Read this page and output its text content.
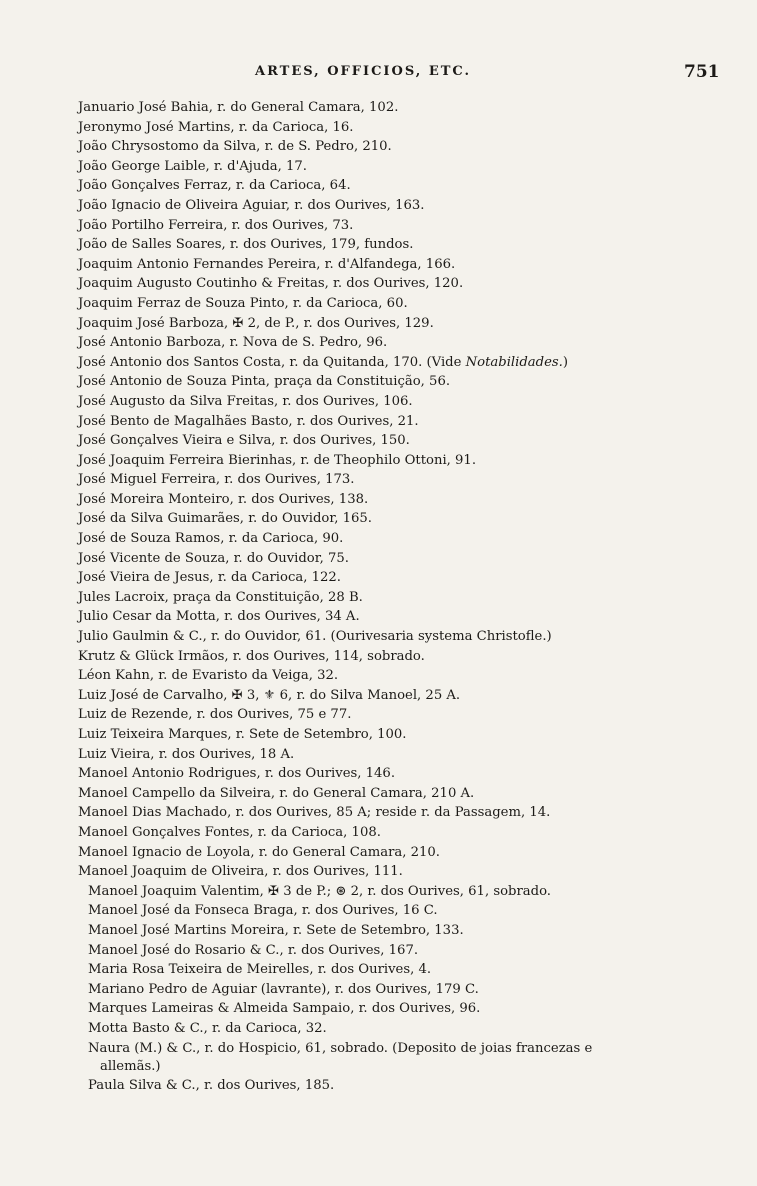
ARTES, OFFICIOS, ETC.	751
Januario José Bahia, r. do General Camara, 102.
Jeronymo José Martins, r. da Carioca, 16.
João Chrysostomo da Silva, r. de S. Pedro, 210.
João George Laible, r. d'Ajuda, 17.
João Gonçalves Ferraz, r. da Carioca, 64.
João Ignacio de Oliveira Aguiar, r. dos Ourives, 163.
João Portilho Ferreira, r. dos Ourives, 73.
João de Salles Soares, r. dos Ourives, 179, fundos.
Joaquim Antonio Fernandes Pereira, r. d'Alfandega, 166.
Joaquim Augusto Coutinho & Freitas, r. dos Ourives, 120.
Joaquim Ferraz de Souza Pinto, r. da Carioca, 60.
Joaquim José Barboza, ✠ 2, de P., r. dos Ourives, 129.
José Antonio Barboza, r. Nova de S. Pedro, 96.
José Antonio dos Santos Costa, r. da Quitanda, 170. (Vide Notabilidades.)
José Antonio de Souza Pinta, praça da Constituição, 56.
José Augusto da Silva Freitas, r. dos Ourives, 106.
José Bento de Magalhães Basto, r. dos Ourives, 21.
José Gonçalves Vieira e Silva, r. dos Ourives, 150.
José Joaquim Ferreira Bierinhas, r. de Theophilo Ottoni, 91.
José Miguel Ferreira, r. dos Ourives, 173.
José Moreira Monteiro, r. dos Ourives, 138.
José da Silva Guimarães, r. do Ouvidor, 165.
José de Souza Ramos, r. da Carioca, 90.
José Vicente de Souza, r. do Ouvidor, 75.
José Vieira de Jesus, r. da Carioca, 122.
Jules Lacroix, praça da Constituição, 28 B.
Julio Cesar da Motta, r. dos Ourives, 34 A.
Julio Gaulmin & C., r. do Ouvidor, 61. (Ourivesaria systema Christofle.)
Krutz & Glück Irmãos, r. dos Ourives, 114, sobrado.
Léon Kahn, r. de Evaristo da Veiga, 32.
Luiz José de Carvalho, ✠ 3, ⚜ 6, r. do Silva Manoel, 25 A.
Luiz de Rezende, r. dos Ourives, 75 e 77.
Luiz Teixeira Marques, r. Sete de Setembro, 100.
Luiz Vieira, r. dos Ourives, 18 A.
Manoel Antonio Rodrigues, r. dos Ourives, 146.
Manoel Campello da Silveira, r. do General Camara, 210 A.
Manoel Dias Machado, r. dos Ourives, 85 A; reside r. da Passagem, 14.
Manoel Gonçalves Fontes, r. da Carioca, 108.
Manoel Ignacio de Loyola, r. do General Camara, 210.
Manoel Joaquim de Oliveira, r. dos Ourives, 111.
Manoel Joaquim Valentim, ✠ 3 de P.; ⊛ 2, r. dos Ourives, 61, sobrado.
Manoel José da Fonseca Braga, r. dos Ourives, 16 C.
Manoel José Martins Moreira, r. Sete de Setembro, 133.
Manoel José do Rosario & C., r. dos Ourives, 167.
Maria Rosa Teixeira de Meirelles, r. dos Ourives, 4.
Mariano Pedro de Aguiar (lavrante), r. dos Ourives, 179 C.
Marques Lameiras & Almeida Sampaio, r. dos Ourives, 96.
Motta Basto & C., r. da Carioca, 32.
Naura (M.) & C., r. do Hospicio, 61, sobrado. (Deposito de joias francezas e
allemãs.)
Paula Silva & C., r. dos Ourives, 185.
